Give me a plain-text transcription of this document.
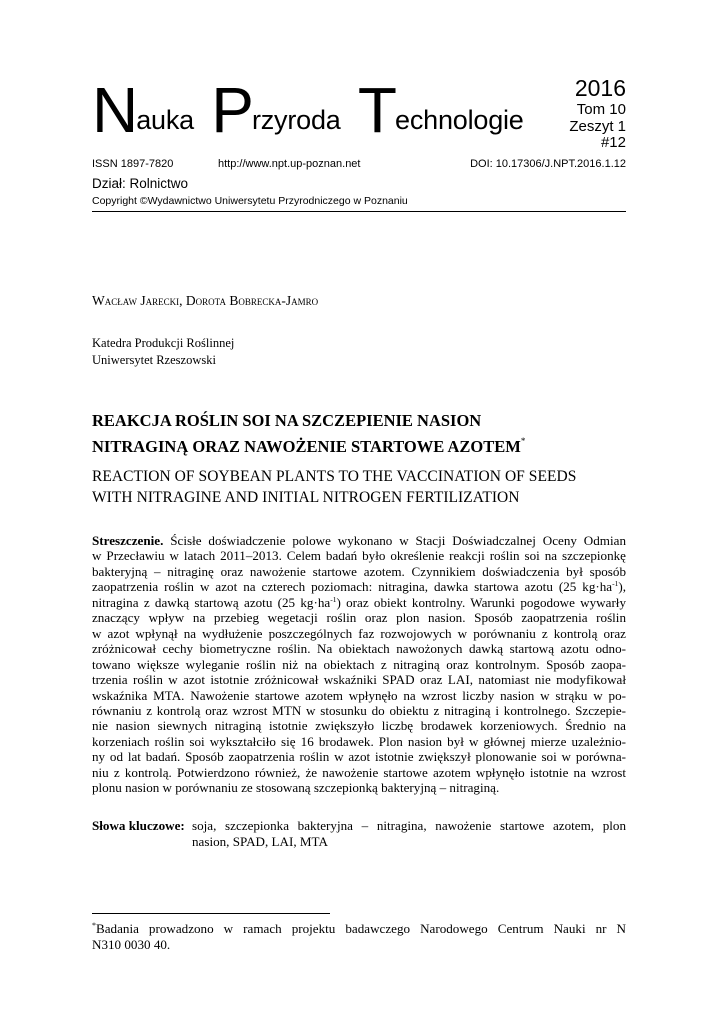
Nauka Przyroda Technologie
2016
Tom 10
Zeszyt 1
#12
ISSN 1897-7820	http://www.npt.up-poznan.net	DOI: 10.17306/J.NPT.2016.1.12
Dział: Rolnictwo
Copyright ©Wydawnictwo Uniwersytetu Przyrodniczego w Poznaniu
Wacław Jarecki, Dorota Bobrecka-Jamro
Katedra Produkcji Roślinnej
Uniwersytet Rzeszowski
REAKCJA ROŚLIN SOI NA SZCZEPIENIE NASION
NITRAGINĄ ORAZ NAWOŻENIE STARTOWE AZOTEM*
REACTION OF SOYBEAN PLANTS TO THE VACCINATION OF SEEDS
WITH NITRAGINE AND INITIAL NITROGEN FERTILIZATION
Streszczenie. Ścisłe doświadczenie polowe wykonano w Stacji Doświadczalnej Oceny Odmian
w Przecławiu w latach 2011–2013. Celem badań było określenie reakcji roślin soi na szczepionkę
bakteryjną – nitraginę oraz nawożenie startowe azotem. Czynnikiem doświadczenia był sposób
zaopatrzenia roślin w azot na czterech poziomach: nitragina, dawka startowa azotu (25 $kg\cdot ha^{-1}$),
nitragina z dawką startową azotu (25 $kg\cdot ha^{-1}$) oraz obiekt kontrolny. Warunki pogodowe wywarły
znaczący wpływ na przebieg wegetacji roślin oraz plon nasion. Sposób zaopatrzenia roślin
w azot wpłynął na wydłużenie poszczególnych faz rozwojowych w porównaniu z kontrolą oraz
zróżnicował cechy biometryczne roślin. Na obiektach nawożonych dawką startową azotu odno-
towano większe wyleganie roślin niż na obiektach z nitraginą oraz kontrolnym. Sposób zaopa-
trzenia roślin w azot istotnie zróżnicował wskaźniki SPAD oraz LAI, natomiast nie modyfikował
wskaźnika MTA. Nawożenie startowe azotem wpłynęło na wzrost liczby nasion w strąku w po-
równaniu z kontrolą oraz wzrost MTN w stosunku do obiektu z nitraginą i kontrolnego. Szczepie-
nie nasion siewnych nitraginą istotnie zwiększyło liczbę brodawek korzeniowych. Średnio na
korzeniach roślin soi wykształciło się 16 brodawek. Plon nasion był w głównej mierze uzależnio-
ny od lat badań. Sposób zaopatrzenia roślin w azot istotnie zwiększył plonowanie soi w porówna-
niu z kontrolą. Potwierdzono również, że nawożenie startowe azotem wpłynęło istotnie na wzrost
plonu nasion w porównaniu ze stosowaną szczepionką bakteryjną – nitraginą.
Słowa kluczowe: soja, szczepionka bakteryjna – nitragina, nawożenie startowe azotem, plon
nasion, SPAD, LAI, MTA
*Badania prowadzono w ramach projektu badawczego Narodowego Centrum Nauki nr N
N310 0030 40.
